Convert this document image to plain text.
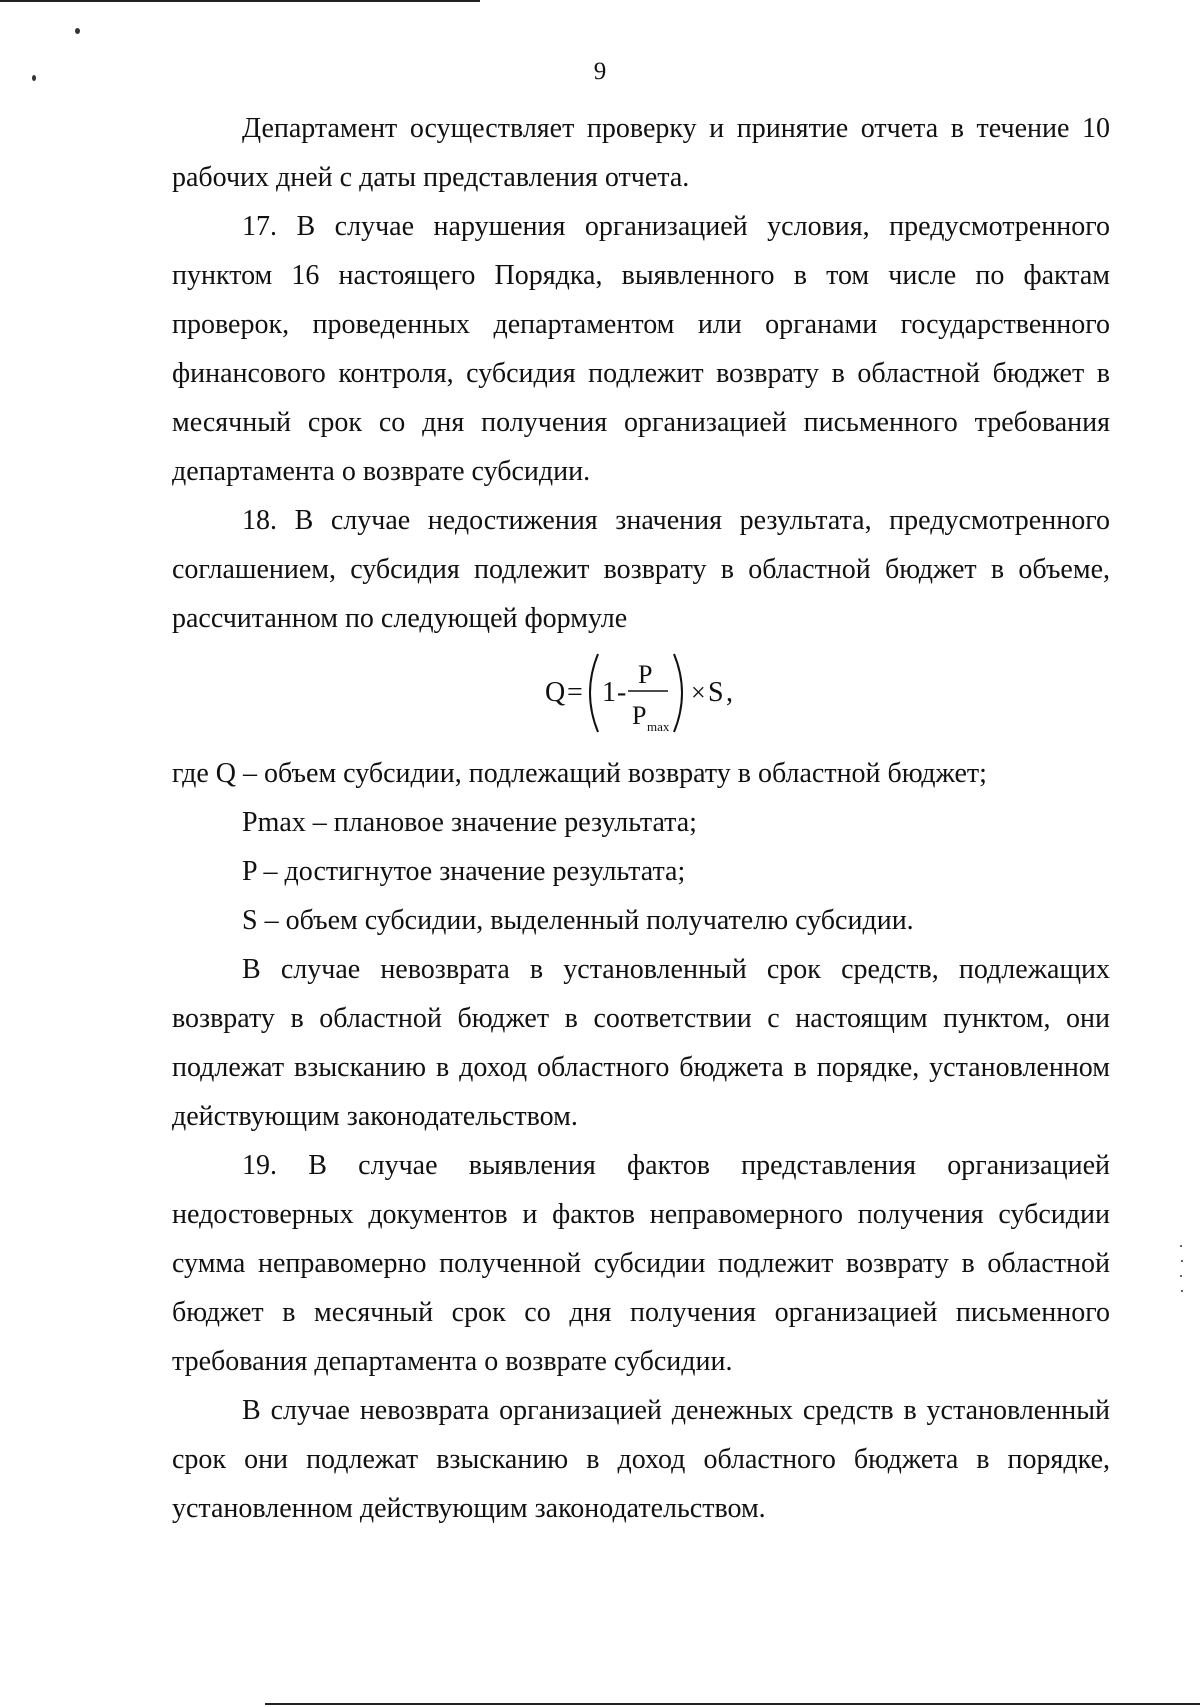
9

Департамент осуществляет проверку и принятие отчета в течение 10 рабочих дней с даты представления отчета.

17. В случае нарушения организацией условия, предусмотренного пунктом 16 настоящего Порядка, выявленного в том числе по фактам проверок, проведенных департаментом или органами государственного финансового контроля, субсидия подлежит возврату в областной бюджет в месячный срок со дня получения организацией письменного требования департамента о возврате субсидии.

18. В случае недостижения значения результата, предусмотренного соглашением, субсидия подлежит возврату в областной бюджет в объеме, рассчитанном по следующей формуле

Q = 1 -
P
P max
× S ,

где Q – объем субсидии, подлежащий возврату в областной бюджет;

Pmax – плановое значение результата;

P – достигнутое значение результата;

S – объем субсидии, выделенный получателю субсидии.

В случае невозврата в установленный срок средств, подлежащих возврату в областной бюджет в соответствии с настоящим пунктом, они подлежат взысканию в доход областного бюджета в порядке, установленном действующим законодательством.

19. В случае выявления фактов представления организацией недостоверных документов и фактов неправомерного получения субсидии сумма неправомерно полученной субсидии подлежит возврату в областной бюджет в месячный срок со дня получения организацией письменного требования департамента о возврате субсидии.

В случае невозврата организацией денежных средств в установленный срок они подлежат взысканию в доход областного бюджета в порядке, установленном действующим законодательством.
